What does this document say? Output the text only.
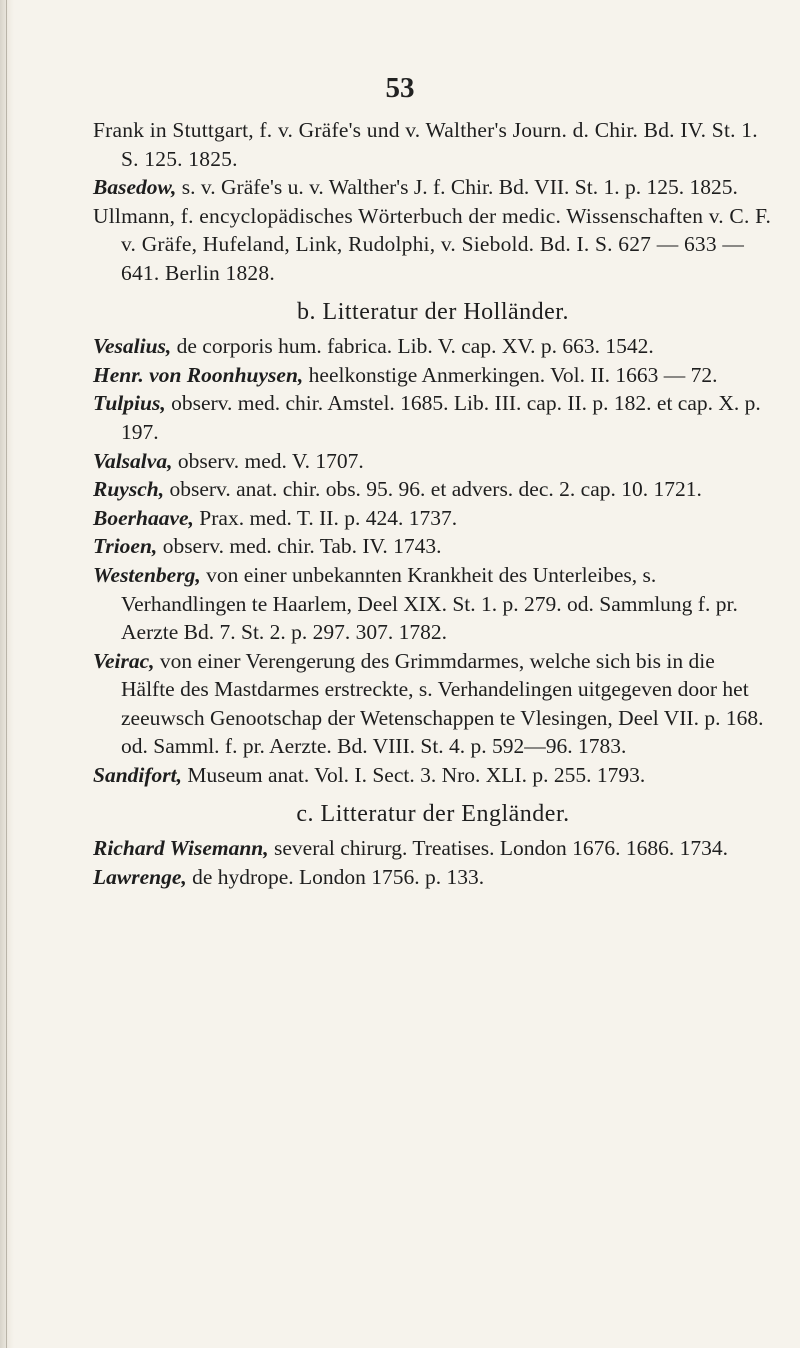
53
Frank in Stuttgart, f. v. Gräfe's und v. Walther's Journ. d. Chir. Bd. IV. St. 1. S. 125. 1825.
Basedow, s. v. Gräfe's u. v. Walther's J. f. Chir. Bd. VII. St. 1. p. 125. 1825.
Ullmann, f. encyclopädisches Wörterbuch der medic. Wissenschaften v. C. F. v. Gräfe, Hufeland, Link, Rudolphi, v. Siebold. Bd. I. S. 627 — 633 — 641. Berlin 1828.
b. Litteratur der Holländer.
Vesalius, de corporis hum. fabrica. Lib. V. cap. XV. p. 663. 1542.
Henr. von Roonhuysen, heelkonstige Anmerkingen. Vol. II. 1663 — 72.
Tulpius, observ. med. chir. Amstel. 1685. Lib. III. cap. II. p. 182. et cap. X. p. 197.
Valsalva, observ. med. V. 1707.
Ruysch, observ. anat. chir. obs. 95. 96. et advers. dec. 2. cap. 10. 1721.
Boerhaave, Prax. med. T. II. p. 424. 1737.
Trioen, observ. med. chir. Tab. IV. 1743.
Westenberg, von einer unbekannten Krankheit des Unterleibes, s. Verhandlingen te Haarlem, Deel XIX. St. 1. p. 279. od. Sammlung f. pr. Aerzte Bd. 7. St. 2. p. 297. 307. 1782.
Veirac, von einer Verengerung des Grimmdarmes, welche sich bis in die Hälfte des Mastdarmes erstreckte, s. Verhandelingen uitgegeven door het zeeuwsch Genootschap der Wetenschappen te Vlesingen, Deel VII. p. 168. od. Samml. f. pr. Aerzte. Bd. VIII. St. 4. p. 592—96. 1783.
Sandifort, Museum anat. Vol. I. Sect. 3. Nro. XLI. p. 255. 1793.
c. Litteratur der Engländer.
Richard Wisemann, several chirurg. Treatises. London 1676. 1686. 1734.
Lawrenge, de hydrope. London 1756. p. 133.
